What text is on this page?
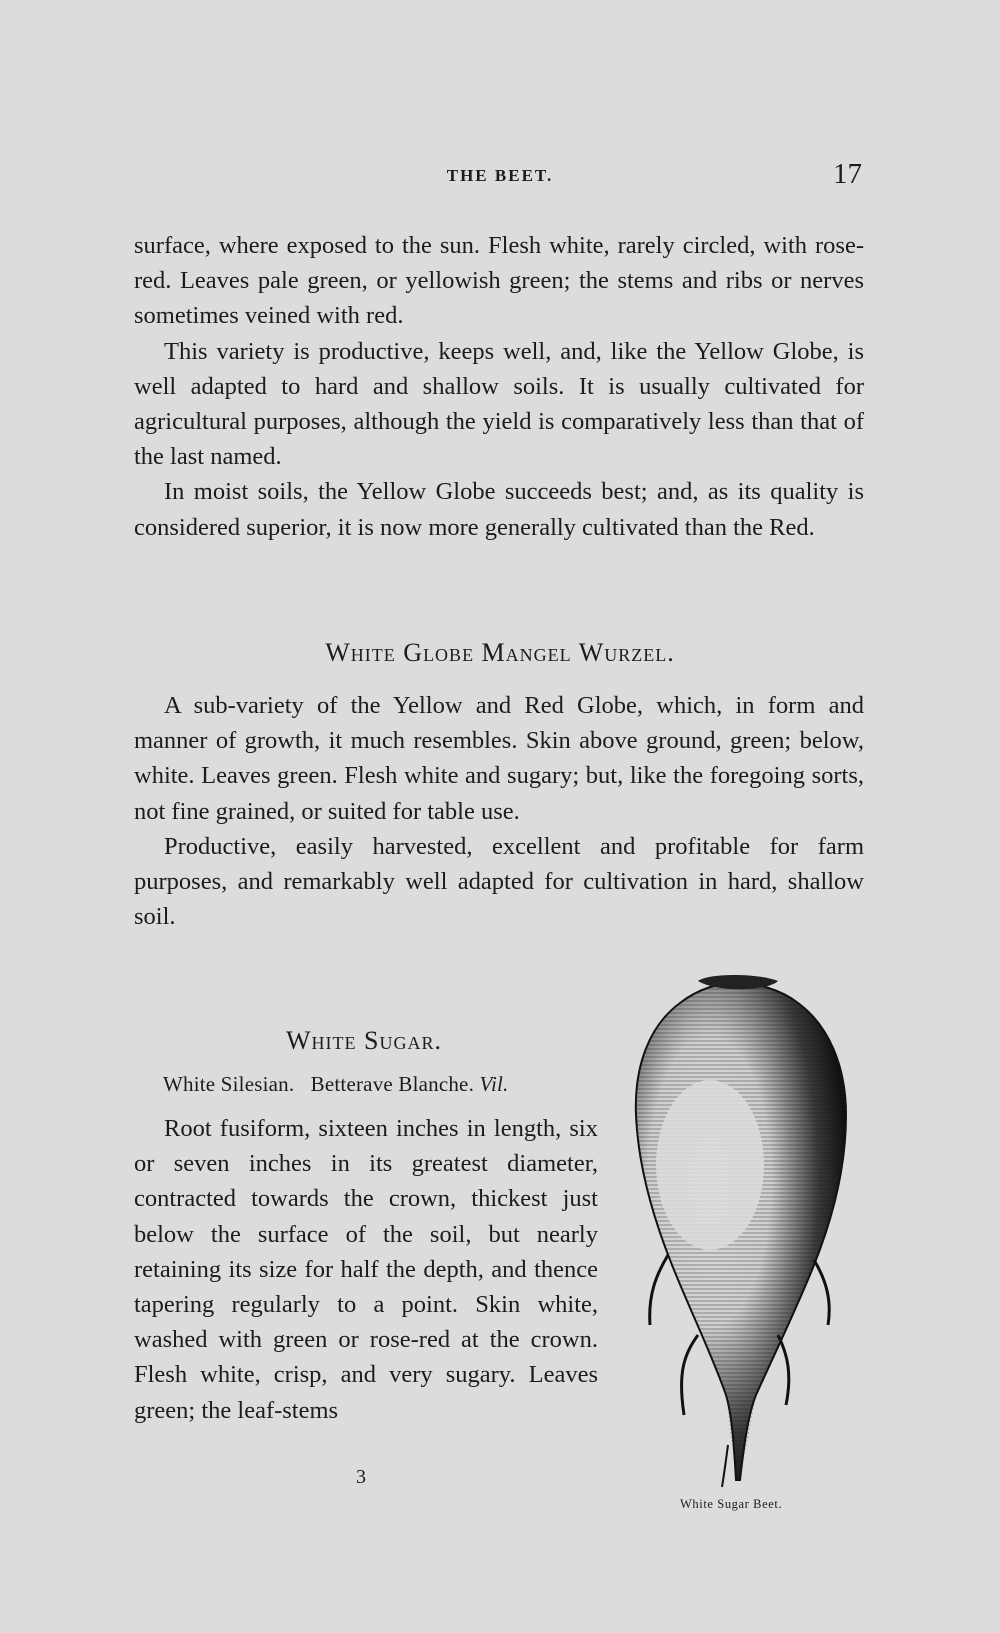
THE BEET.	17

surface, where exposed to the sun. Flesh white, rarely circled, with rose-red. Leaves pale green, or yellowish green; the stems and ribs or nerves sometimes veined with red.

This variety is productive, keeps well, and, like the Yellow Globe, is well adapted to hard and shallow soils. It is usually cultivated for agricultural purposes, although the yield is comparatively less than that of the last named.

In moist soils, the Yellow Globe succeeds best; and, as its quality is considered superior, it is now more generally cultivated than the Red.

White Globe Mangel Wurzel.

A sub-variety of the Yellow and Red Globe, which, in form and manner of growth, it much resembles. Skin above ground, green; below, white. Leaves green. Flesh white and sugary; but, like the foregoing sorts, not fine grained, or suited for table use.

Productive, easily harvested, excellent and profitable for farm purposes, and remarkably well adapted for cultivation in hard, shallow soil.

White Sugar.
White Silesian.   Betterave Blanche. Vil.

Root fusiform, sixteen inches in length, six or seven inches in its greatest diameter, contracted towards the crown, thickest just below the surface of the soil, but nearly retaining its size for half the depth, and thence tapering regularly to a point. Skin white, washed with green or rose-red at the crown. Flesh white, crisp, and very sugary. Leaves green; the leaf-stems

3
White Sugar Beet.
